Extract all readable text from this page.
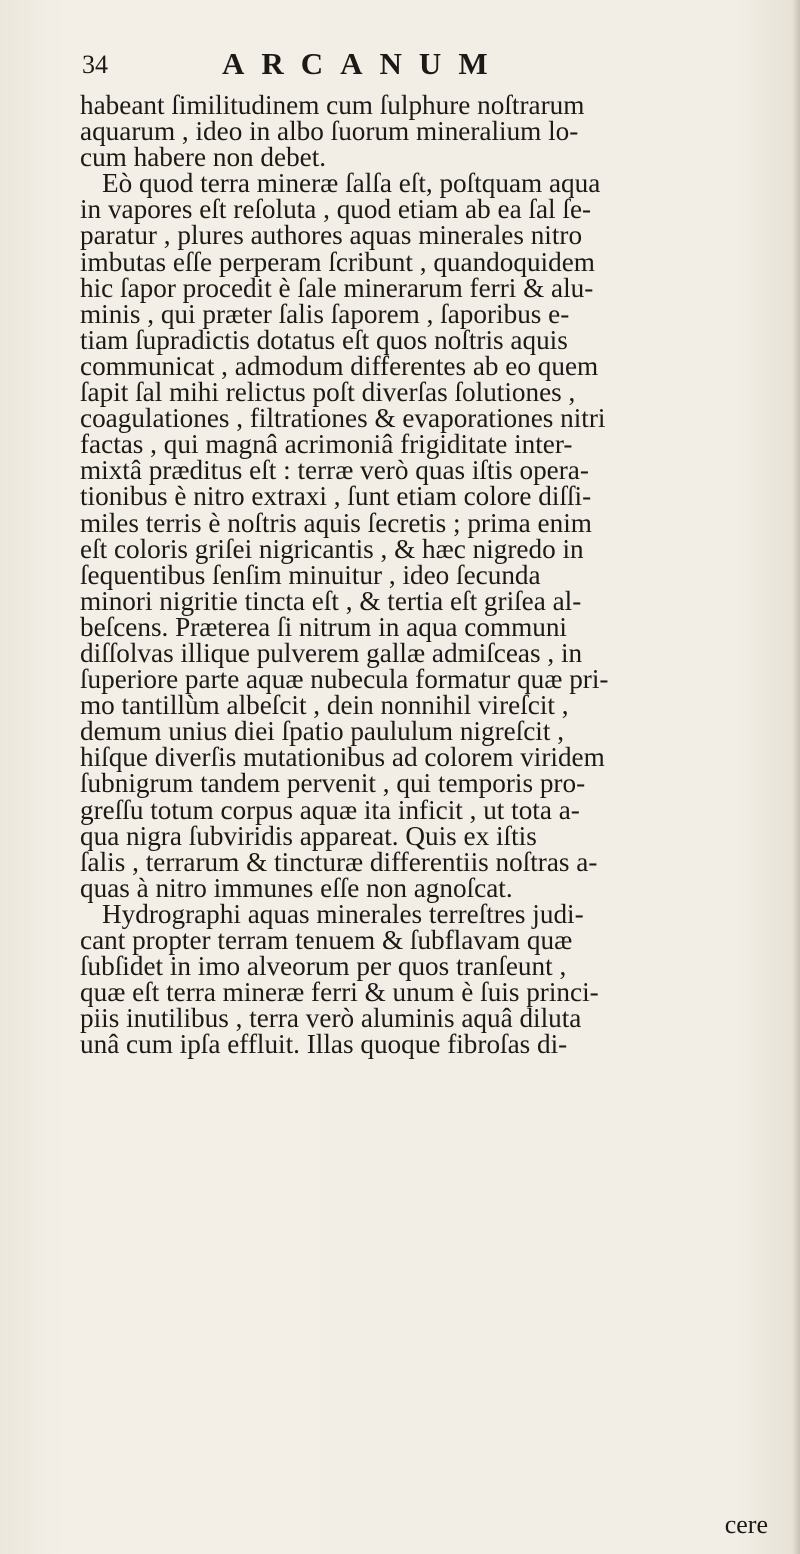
34	ARCANUM
habeant ſimilitudinem cum ſulphure noſtrarum
aquarum , ideo in albo ſuorum mineralium lo-
cum habere non debet.
Eò quod terra mineræ ſalſa eſt, poſtquam aqua
in vapores eſt reſoluta , quod etiam ab ea ſal ſe-
paratur , plures authores aquas minerales nitro
imbutas eſſe perperam ſcribunt , quandoquidem
hic ſapor procedit è ſale minerarum ferri & alu-
minis , qui præter ſalis ſaporem , ſaporibus e-
tiam ſupradictis dotatus eſt quos noſtris aquis
communicat , admodum differentes ab eo quem
ſapit ſal mihi relictus poſt diverſas ſolutiones ,
coagulationes , filtrationes & evaporationes nitri
factas , qui magnâ acrimoniâ frigiditate inter-
mixtâ præditus eſt : terræ verò quas iſtis opera-
tionibus è nitro extraxi , ſunt etiam colore diſſi-
miles terris è noſtris aquis ſecretis ; prima enim
eſt coloris griſei nigricantis , & hæc nigredo in
ſequentibus ſenſim minuitur , ideo ſecunda
minori nigritie tincta eſt , & tertia eſt griſea al-
beſcens. Præterea ſi nitrum in aqua communi
diſſolvas illique pulverem gallæ admiſceas , in
ſuperiore parte aquæ nubecula formatur quæ pri-
mo tantillùm albeſcit , dein nonnihil vireſcit ,
demum unius diei ſpatio paululum nigreſcit ,
hiſque diverſis mutationibus ad colorem viridem
ſubnigrum tandem pervenit , qui temporis pro-
greſſu totum corpus aquæ ita inficit , ut tota a-
qua nigra ſubviridis appareat. Quis ex iſtis
ſalis , terrarum & tincturæ differentiis noſtras a-
quas à nitro immunes eſſe non agnoſcat.
Hydrographi aquas minerales terreſtres judi-
cant propter terram tenuem & ſubflavam quæ
ſubſidet in imo alveorum per quos tranſeunt ,
quæ eſt terra mineræ ferri & unum è ſuis princi-
piis inutilibus , terra verò aluminis aquâ diluta
unâ cum ipſa effluit. Illas quoque fibroſas di-
cere
